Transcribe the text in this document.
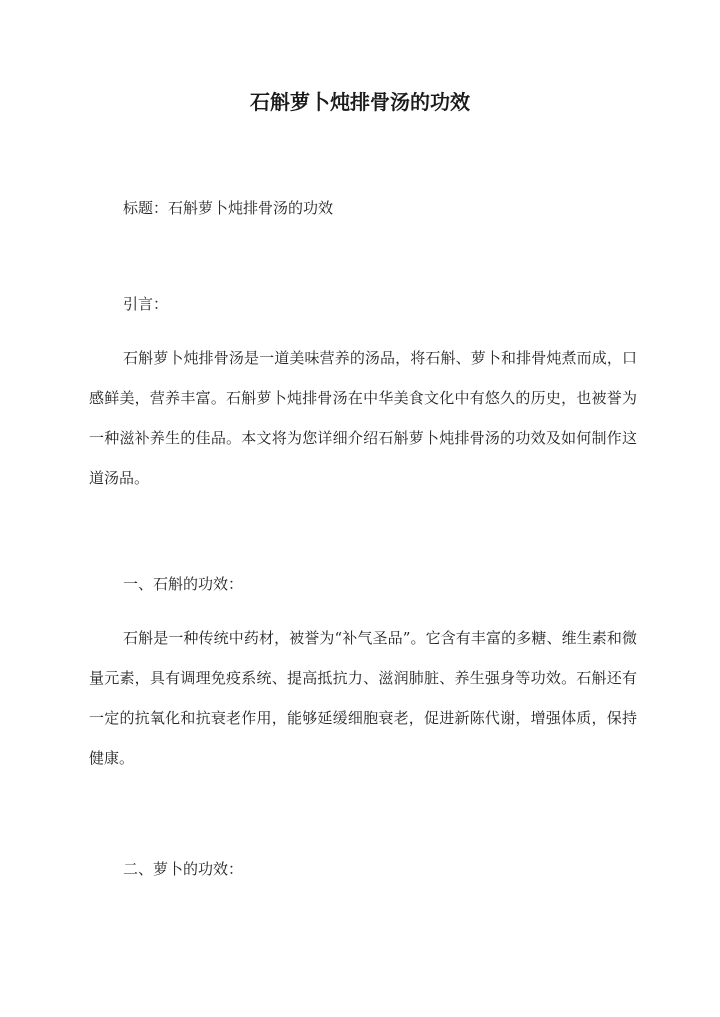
石斛萝卜炖排骨汤的功效
标题：石斛萝卜炖排骨汤的功效
引言：
石斛萝卜炖排骨汤是一道美味营养的汤品，将石斛、萝卜和排骨炖煮而成，口感鲜美，营养丰富。石斛萝卜炖排骨汤在中华美食文化中有悠久的历史，也被誉为一种滋补养生的佳品。本文将为您详细介绍石斛萝卜炖排骨汤的功效及如何制作这道汤品。
一、石斛的功效：
石斛是一种传统中药材，被誉为“补气圣品”。它含有丰富的多糖、维生素和微量元素，具有调理免疫系统、提高抵抗力、滋润肺脏、养生强身等功效。石斛还有一定的抗氧化和抗衰老作用，能够延缓细胞衰老，促进新陈代谢，增强体质，保持健康。
二、萝卜的功效：
